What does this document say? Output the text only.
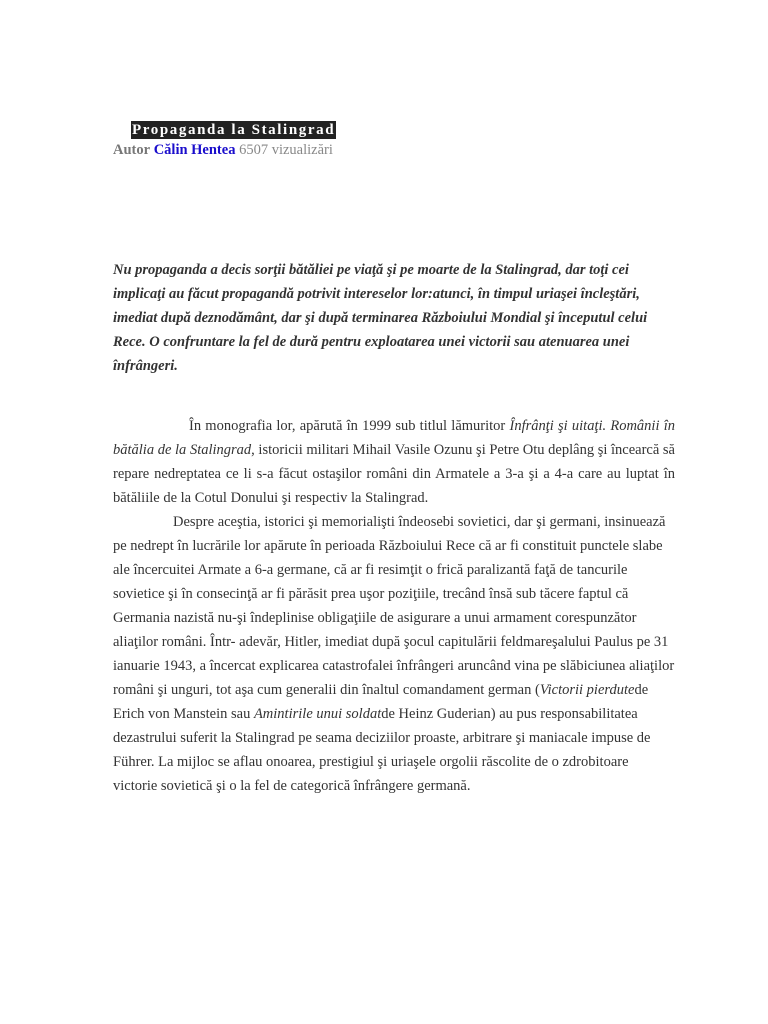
Propaganda la Stalingrad
Autor Călin Hentea 6507 vizualizări
Nu propaganda a decis sorţii bătăliei pe viaţă şi pe moarte de la Stalingrad, dar toţi cei implicaţi au făcut propagandă potrivit intereselor lor:atunci, în timpul uriaşei încleştări, imediat după deznodământ, dar şi după terminarea Războiului Mondial şi începutul celui Rece. O confruntare la fel de dură pentru exploatarea unei victorii sau atenuarea unei înfrângeri.

În monografia lor, apărută în 1999 sub titlul lămuritor Înfrânţi şi uitaţi. Românii în bătălia de la Stalingrad, istoricii militari Mihail Vasile Ozunu şi Petre Otu deplâng şi încearcă să repare nedreptatea ce li s-a făcut ostaşilor români din Armatele a 3-a şi a 4-a care au luptat în bătăliile de la Cotul Donului şi respectiv la Stalingrad.

Despre aceştia, istorici şi memorialişti îndeosebi sovietici, dar şi germani, insinuează pe nedrept în lucrările lor apărute în perioada Războiului Rece că ar fi constituit punctele slabe ale încercuitei Armate a 6-a germane, că ar fi resimţit o frică paralizantă faţă de tancurile sovietice şi în consecinţă ar fi părăsit prea uşor poziţiile, trecând însă sub tăcere faptul că Germania nazistă nu-şi îndeplinise obligaţiile de asigurare a unui armament corespunzător aliaţilor români. Într- adevăr, Hitler, imediat după şocul capitulării feldmareşalului Paulus pe 31 ianuarie 1943, a încercat explicarea catastrofalei înfrângeri aruncând vina pe slăbiciunea aliaţilor români şi unguri, tot aşa cum generalii din înaltul comandament german (Victorii pierdutede Erich von Manstein sau Amintirile unui soldatde Heinz Guderian) au pus responsabilitatea dezastrului suferit la Stalingrad pe seama deciziilor proaste, arbitrare şi maniacale impuse de Führer. La mijloc se aflau onoarea, prestigiul şi uriaşele orgolii răscolite de o zdrobitoare victorie sovietică şi o la fel de categorică înfrângere germană.
